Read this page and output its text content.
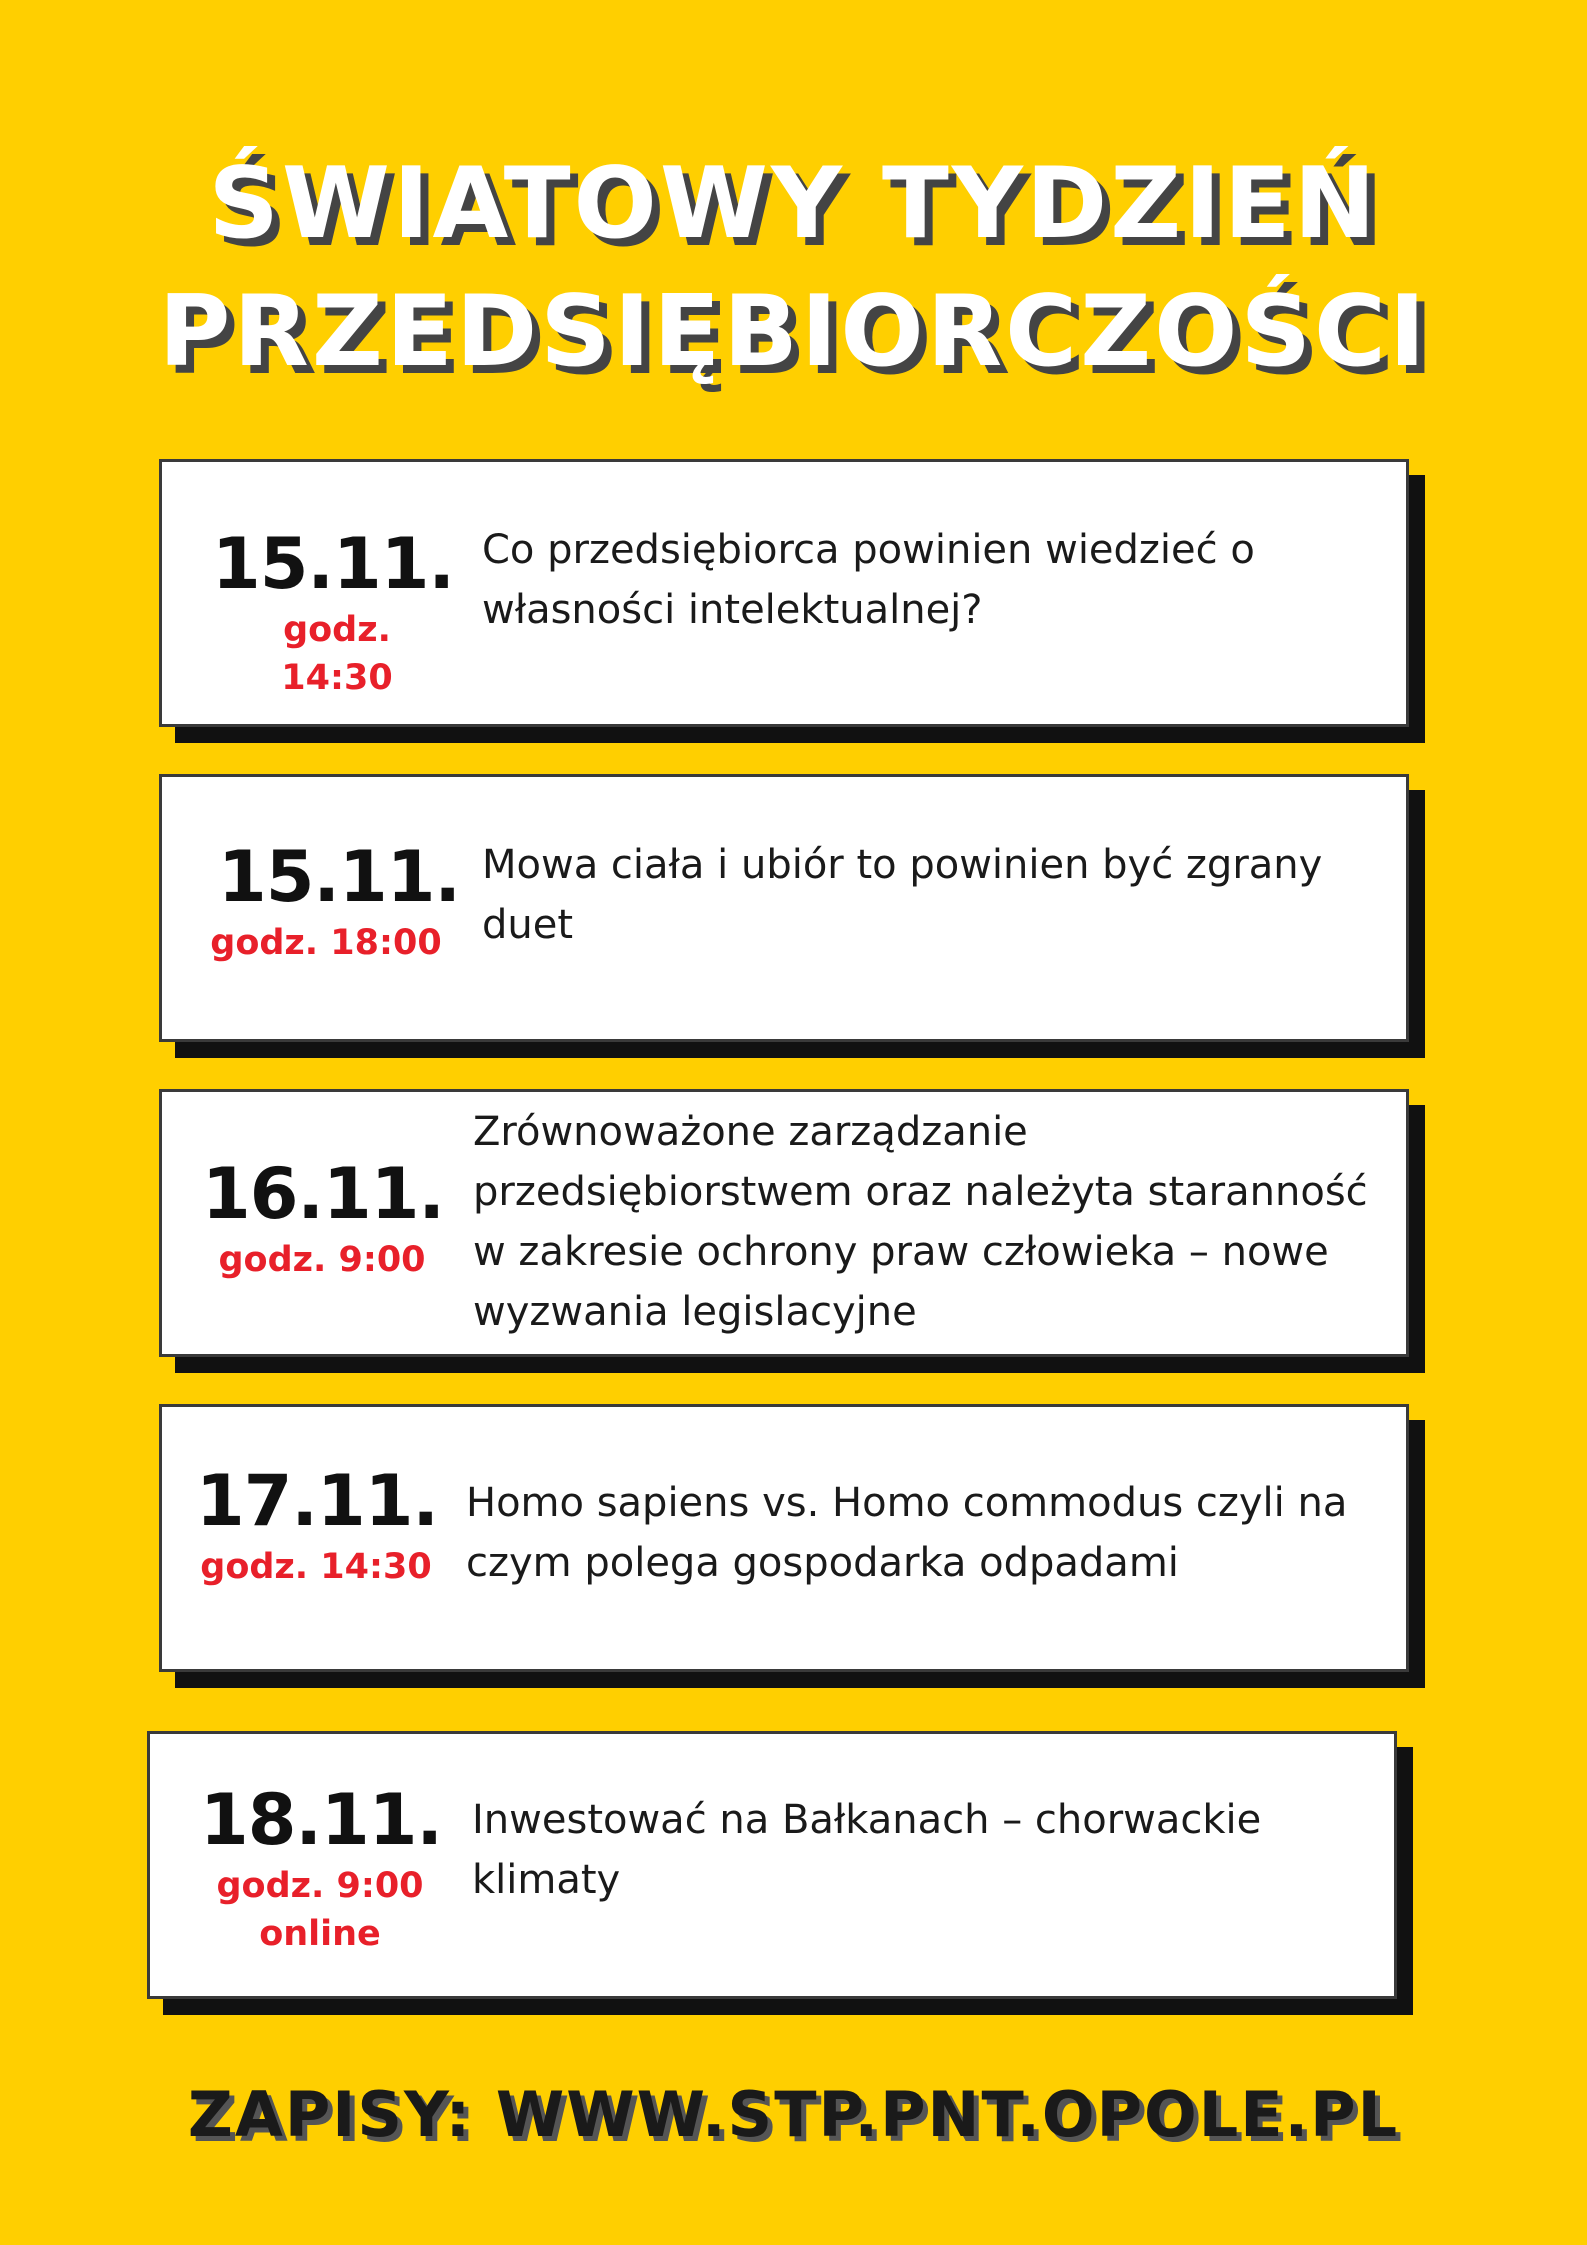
ŚWIATOWY TYDZIEŃ
PRZEDSIĘBIORCZOŚCI
15.11.
godz. 14:30

Co przedsiębiorca powinien wiedzieć o własności intelektualnej?

15.11.
godz. 18:00

Mowa ciała i ubiór to powinien być zgrany duet

16.11.
godz. 9:00

Zrównoważone zarządzanie przedsiębiorstwem oraz należyta staranność w zakresie ochrony praw człowieka – nowe wyzwania legislacyjne

17.11.
godz. 14:30

Homo sapiens vs. Homo commodus czyli na czym polega gospodarka odpadami

18.11.
godz. 9:00
online

Inwestować na Bałkanach – chorwackie klimaty

ZAPISY: WWW.STP.PNT.OPOLE.PL
